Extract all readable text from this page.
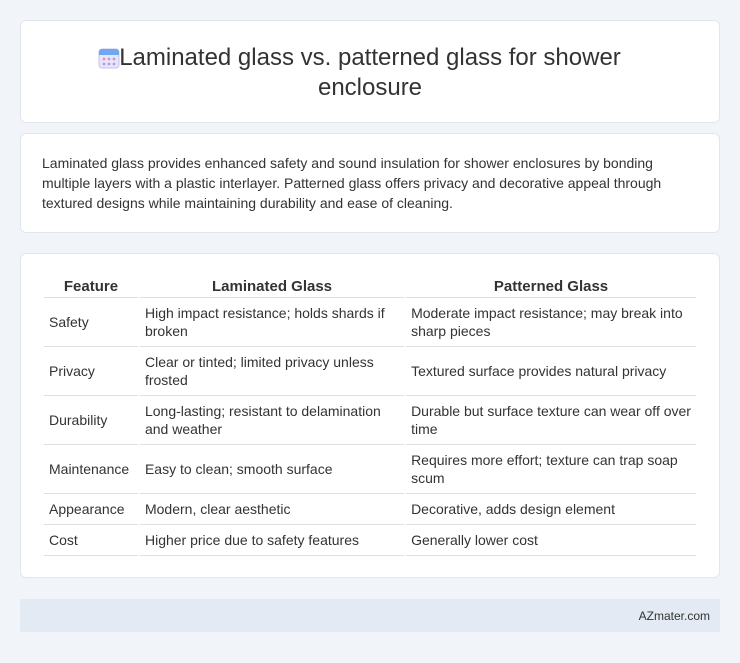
Laminated glass vs. patterned glass for shower enclosure

Laminated glass provides enhanced safety and sound insulation for shower enclosures by bonding multiple layers with a plastic interlayer. Patterned glass offers privacy and decorative appeal through textured designs while maintaining durability and ease of cleaning.

Feature	Laminated Glass	Patterned Glass
Safety	High impact resistance; holds shards if broken	Moderate impact resistance; may break into sharp pieces
Privacy	Clear or tinted; limited privacy unless frosted	Textured surface provides natural privacy
Durability	Long-lasting; resistant to delamination and weather	Durable but surface texture can wear off over time
Maintenance	Easy to clean; smooth surface	Requires more effort; texture can trap soap scum
Appearance	Modern, clear aesthetic	Decorative, adds design element
Cost	Higher price due to safety features	Generally lower cost
AZmater.com
